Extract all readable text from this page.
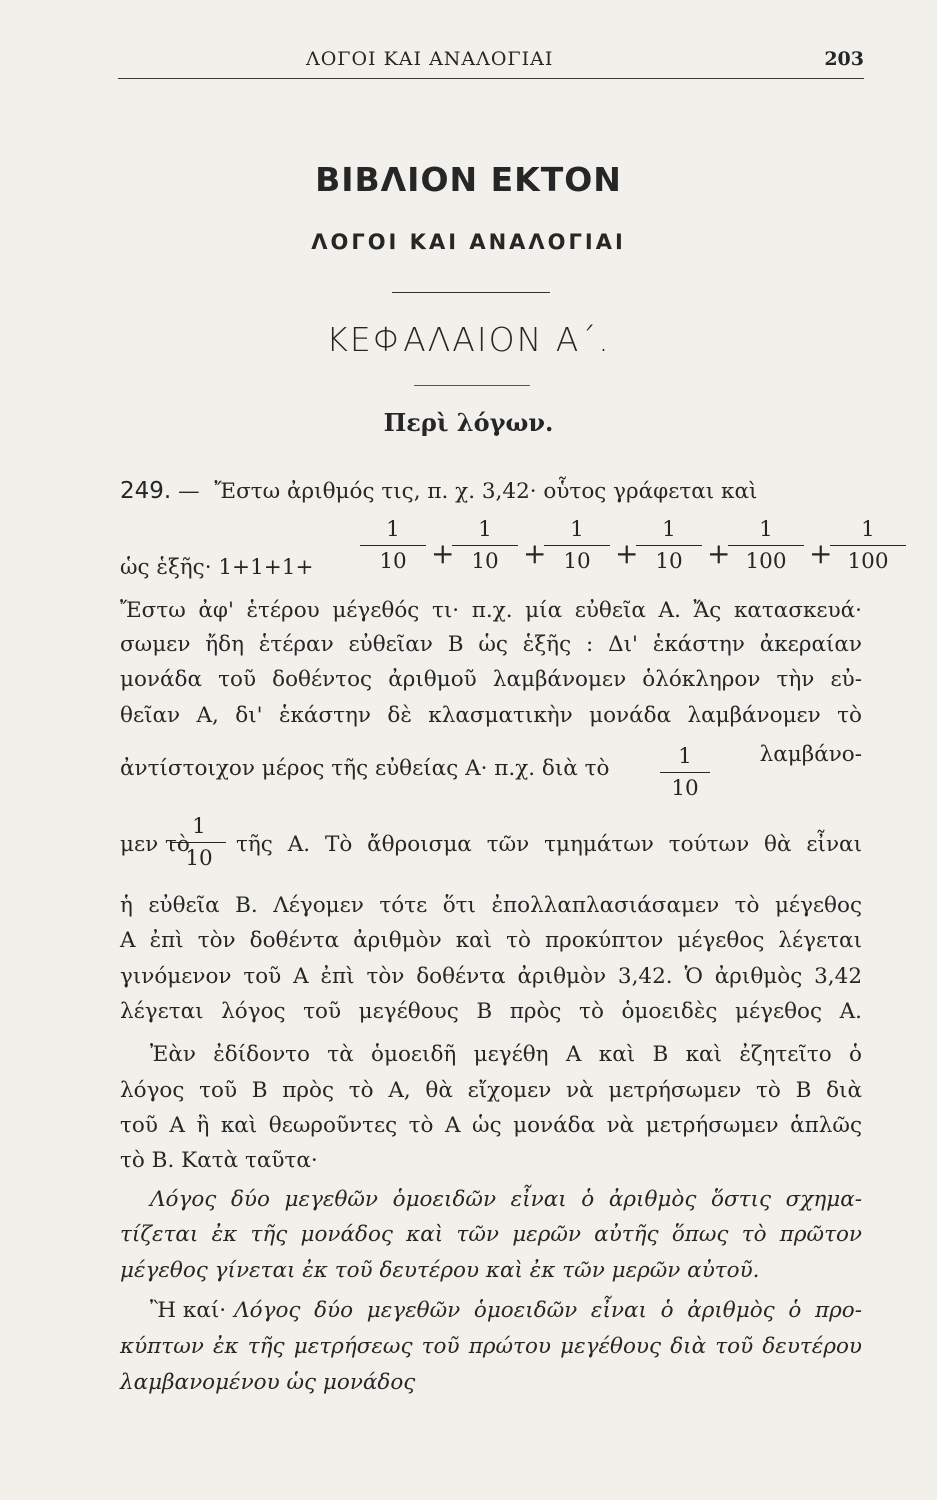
ΛΟΓΟΙ ΚΑΙ ΑΝΑΛΟΓΙΑΙ	203
ΒΙΒΛΙΟΝ ΕΚΤΟΝ
ΛΟΓΟΙ ΚΑΙ ΑΝΑΛΟΓΙΑΙ
ΚΕΦΑΛΑΙΟΝ Α΄.
Περὶ λόγων.
249. — Ἔστω ἀριθμός τις, π. χ. 3,42· οὗτος γράφεται καὶ
ὡς ἑξῆς· $1+1+1+ \frac{1}{10}$ +
$\frac{1}{10}$ +
$\frac{1}{10}$ +
$\frac{1}{10}$ +
$\frac{1}{100}$ +
$\frac{1}{100}$
Ἔστω ἀφ' ἑτέρου μέγεθός τι· π.χ. μία εὐθεῖα Α. Ἄς κατασκευά·
σωμεν ἤδη ἑτέραν εὐθεῖαν Β ὡς ἑξῆς : Δι' ἑκάστην ἀκεραίαν
μονάδα τοῦ δοθέντος ἀριθμοῦ λαμβάνομεν ὁλόκληρον τὴν εὐ-
θεῖαν Α, δι' ἑκάστην δὲ κλασματικὴν μονάδα λαμβάνομεν τὸ
ἀντίστοιχον μέρος τῆς εὐθείας Α· π.χ. διὰ τὸ $\frac{1}{10} \lambda\alpha\mu\beta ά\nu o-$
μεν τὸ
$\frac{1}{10}$ τῆς Α. Τὸ ἄθροισμα τῶν τμημάτων τούτων θὰ εἶναι
ἡ εὐθεῖα Β. Λέγομεν τότε ὅτι ἐπολλαπλασιάσαμεν τὸ μέγεθος
Α ἐπὶ τὸν δοθέντα ἀριθμὸν καὶ τὸ προκύπτον μέγεθος λέγεται
γινόμενον τοῦ Α ἐπὶ τὸν δοθέντα ἀριθμὸν 3,42. Ὁ ἀριθμὸς 3,42
λέγεται λόγος τοῦ μεγέθους Β πρὸς τὸ ὁμοειδὲς μέγεθος Α.
Ἐὰν ἐδίδοντο τὰ ὁμοειδῆ μεγέθη Α καὶ Β καὶ ἐζητεῖτο ὁ
λόγος τοῦ Β πρὸς τὸ Α, θὰ εἴχομεν νὰ μετρήσωμεν τὸ Β διὰ
τοῦ Α ἢ καὶ θεωροῦντες τὸ Α ὡς μονάδα νὰ μετρήσωμεν ἁπλῶς
τὸ Β. Κατὰ ταῦτα·
Λόγος δύο μεγεθῶν ὁμοειδῶν εἶναι ὁ ἀριθμὸς ὅστις σχημα-
τίζεται ἐκ τῆς μονάδος καὶ τῶν μερῶν αὐτῆς ὅπως τὸ πρῶτον
μέγεθος γίνεται ἐκ τοῦ δευτέρου καὶ ἐκ τῶν μερῶν αὐτοῦ.
Ἢ καί· Λόγος δύο μεγεθῶν ὁμοειδῶν εἶναι ὁ ἀριθμὸς ὁ προ-
κύπτων ἐκ τῆς μετρήσεως τοῦ πρώτου μεγέθους διὰ τοῦ δευτέρου
λαμβανομένου ὡς μονάδος
